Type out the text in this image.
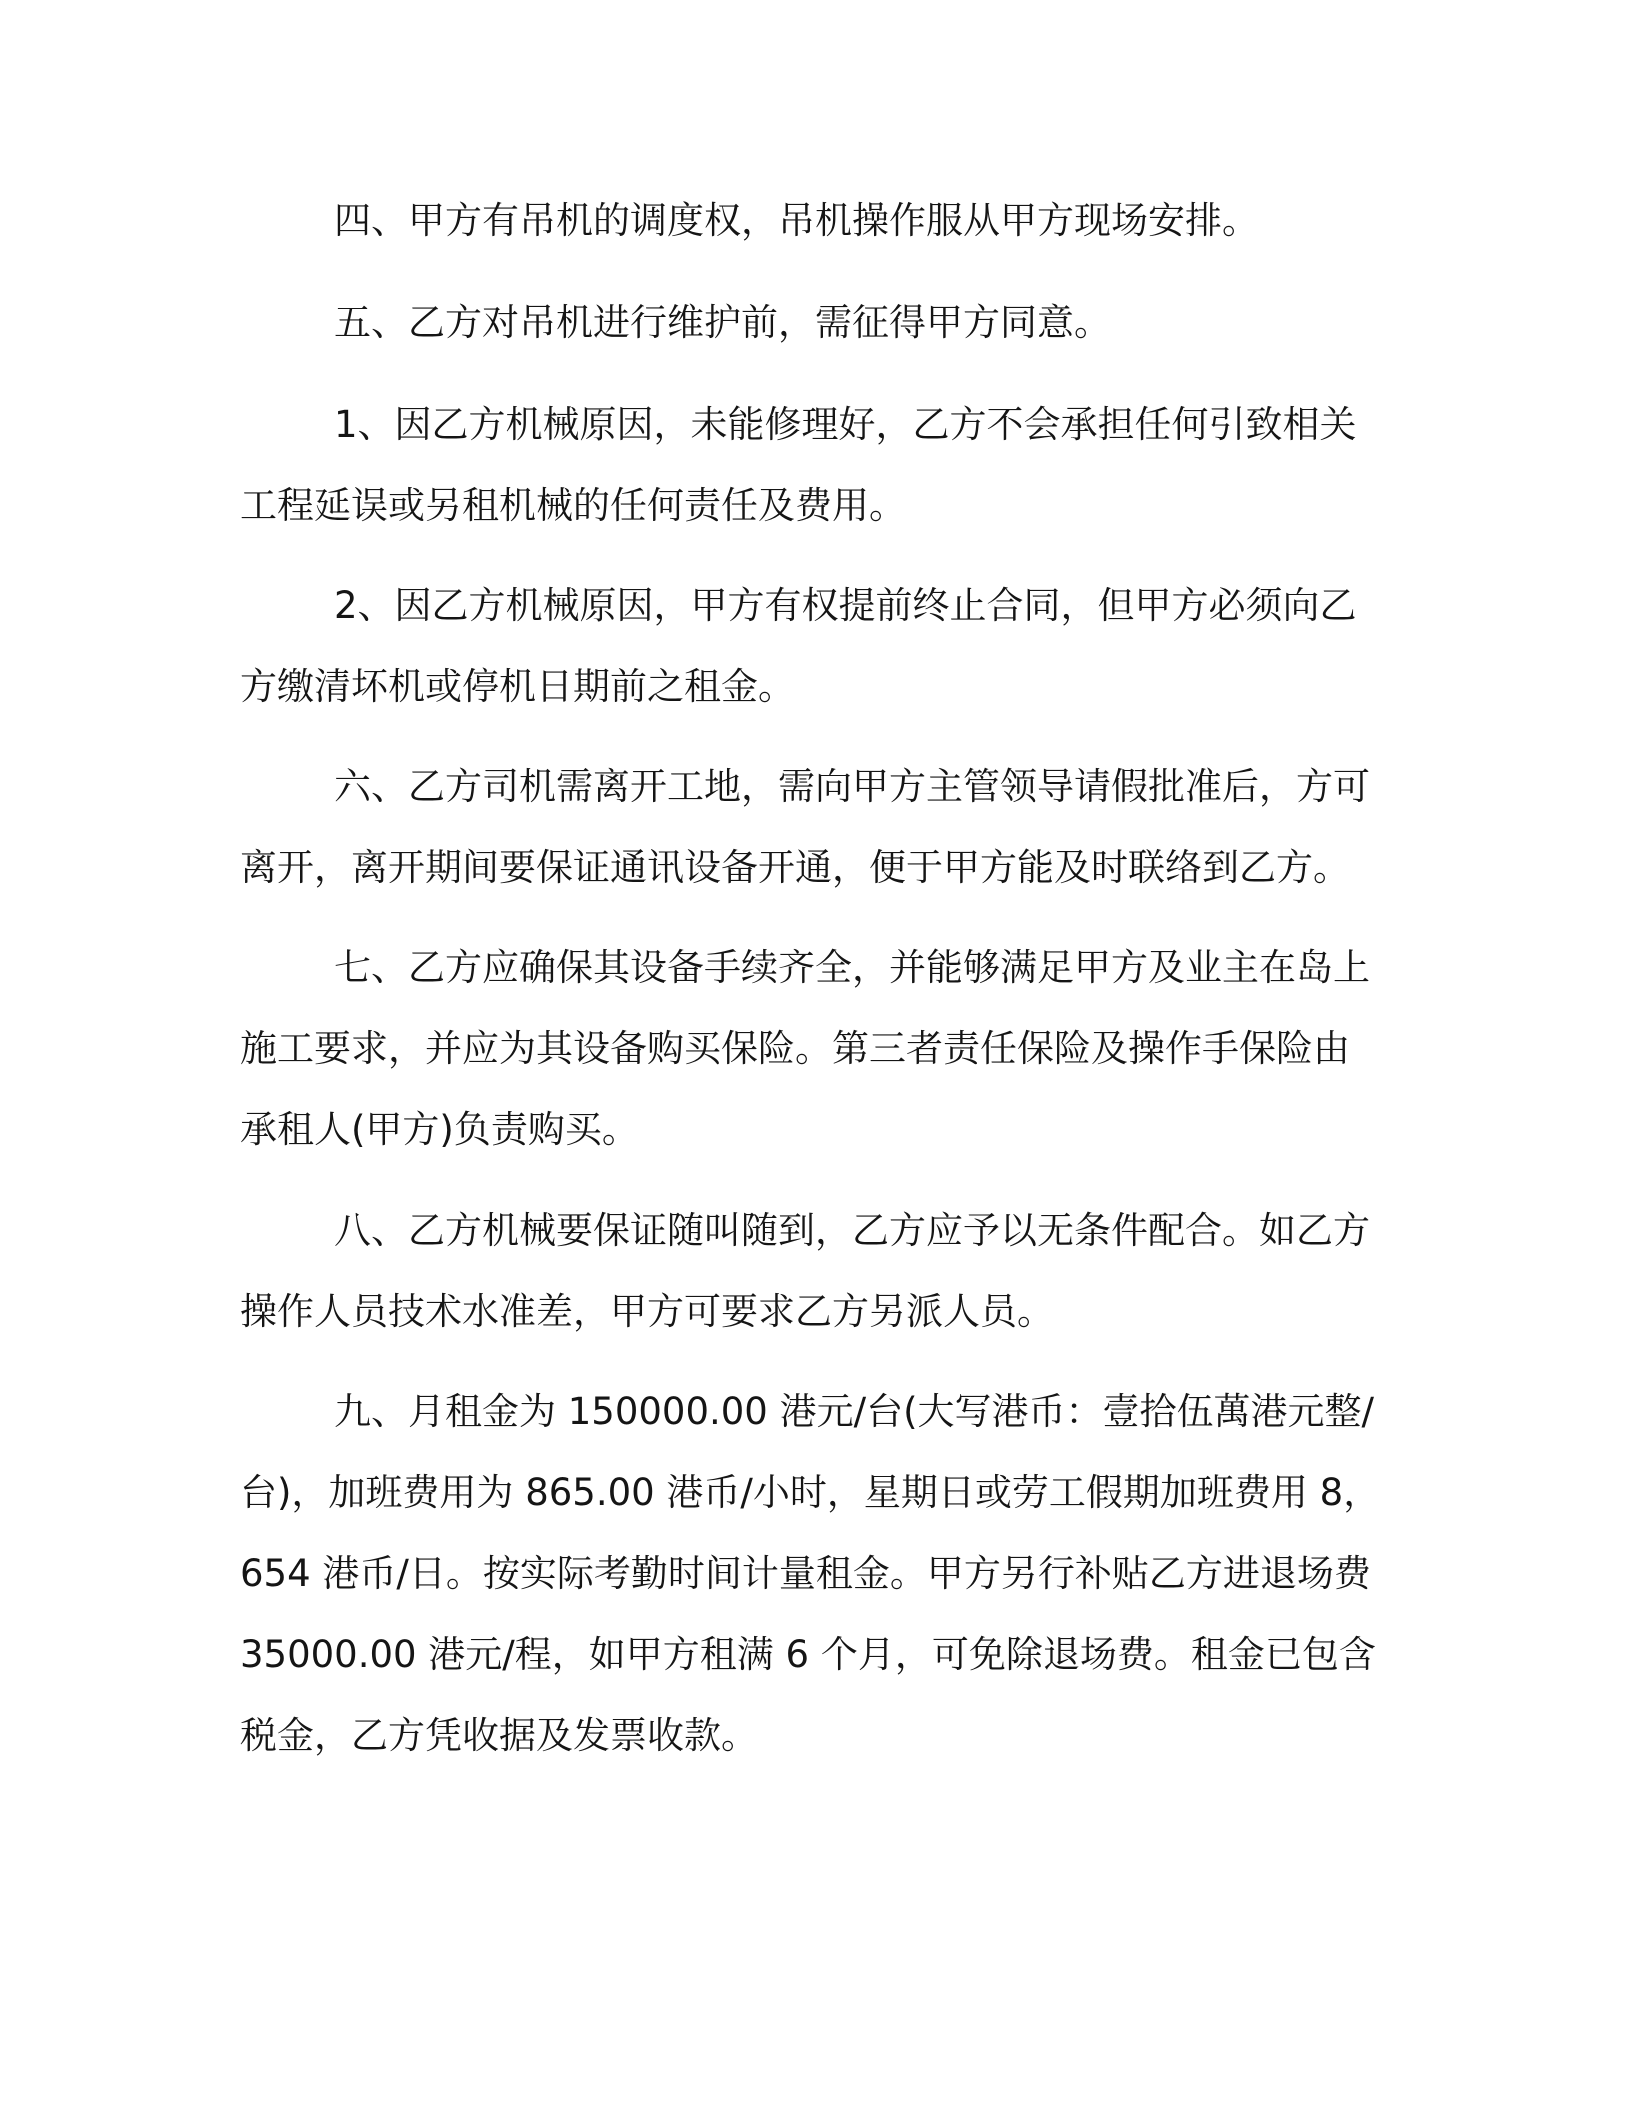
四、甲方有吊机的调度权，吊机操作服从甲方现场安排。
五、乙方对吊机进行维护前，需征得甲方同意。
1、因乙方机械原因，未能修理好，乙方不会承担任何引致相关
工程延误或另租机械的任何责任及费用。
2、因乙方机械原因，甲方有权提前终止合同，但甲方必须向乙
方缴清坏机或停机日期前之租金。
六、乙方司机需离开工地，需向甲方主管领导请假批准后，方可
离开，离开期间要保证通讯设备开通，便于甲方能及时联络到乙方。
七、乙方应确保其设备手续齐全，并能够满足甲方及业主在岛上
施工要求，并应为其设备购买保险。第三者责任保险及操作手保险由
承租人(甲方)负责购买。
八、乙方机械要保证随叫随到，乙方应予以无条件配合。如乙方
操作人员技术水准差，甲方可要求乙方另派人员。
九、月租金为 150000.00 港元/台(大写港币：壹拾伍萬港元整/
台)，加班费用为 865.00 港币/小时，星期日或劳工假期加班费用 8，
654 港币/日。按实际考勤时间计量租金。甲方另行补贴乙方进退场费
35000.00 港元/程，如甲方租满 6 个月，可免除退场费。租金已包含
税金，乙方凭收据及发票收款。
